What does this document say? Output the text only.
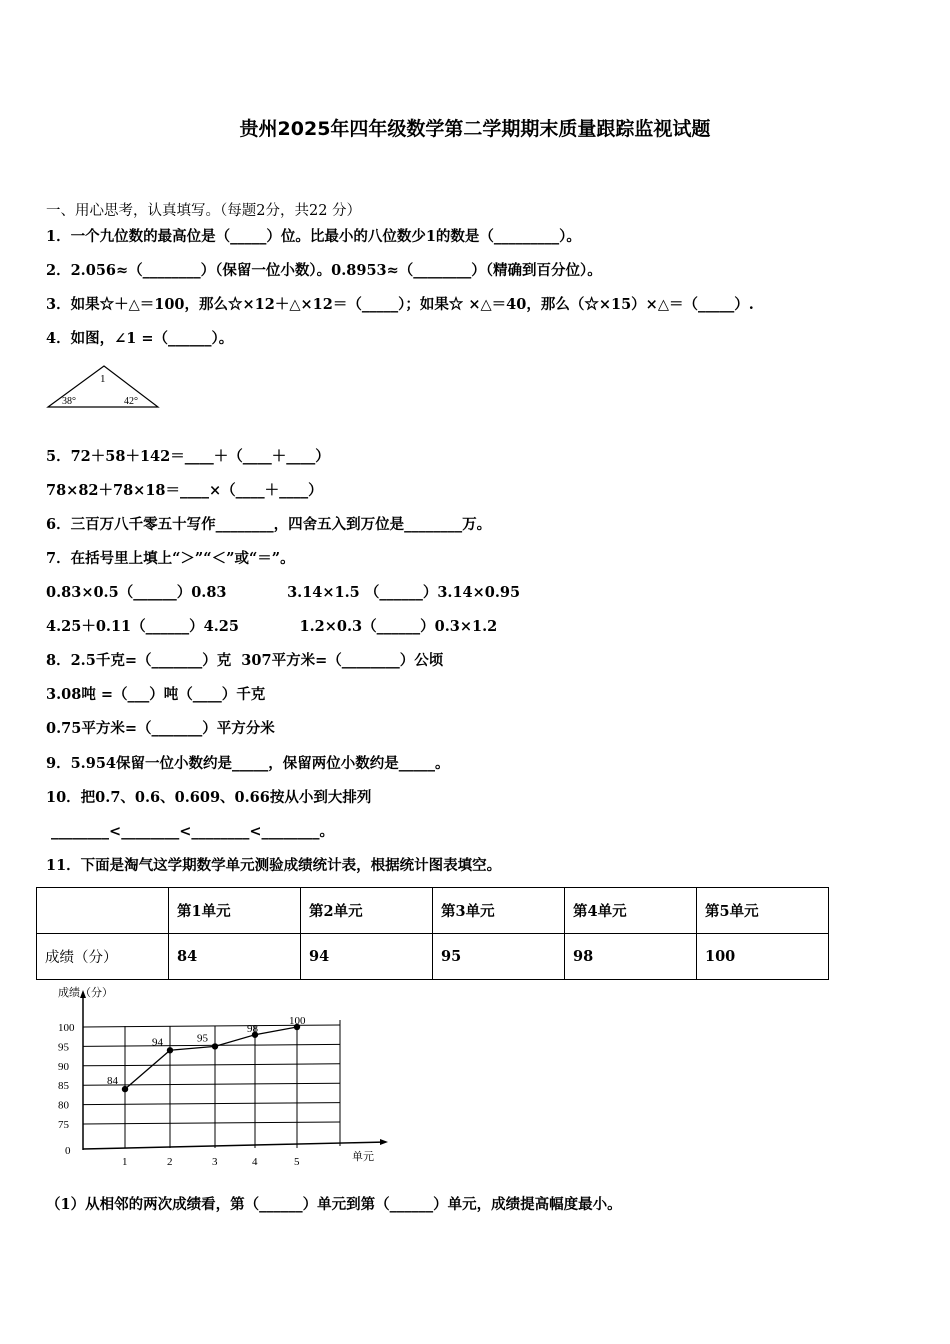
贵州2025年四年级数学第二学期期末质量跟踪监视试题
一、用心思考，认真填写。（每题2分，共22 分）
1．一个九位数的最高位是（_____）位。比最小的八位数少1的数是（_________）。
2．2.056≈（________）（保留一位小数）。0.8953≈（________）（精确到百分位）。
3．如果☆＋△＝100，那么☆×12＋△×12＝（_____）；如果☆ ×△＝40，那么（☆×15）×△＝（_____）.
4．如图，∠1 =（______）。
5．72＋58＋142＝____＋（____＋____）
78×82＋78×18＝____×（____＋____）
6．三百万八千零五十写作________，四舍五入到万位是________万。
7．在括号里上填上“＞”“＜”或“＝”。
0.83×0.5（______）0.83            3.14×1.5 （______）3.14×0.95
4.25＋0.11（______）4.25            1.2×0.3（______）0.3×1.2
8．2.5千克=（_______）克  307平方米=（________）公顷
3.08吨 =（___）吨（____）千克
0.75平方米=（_______）平方分米
9．5.954保留一位小数约是_____，保留两位小数约是_____。
10．把0.7、0.6、0.609、0.66按从小到大排列
________<________<________<________。
11．下面是淘气这学期数学单元测验成绩统计表，根据统计图表填空。
1
38°	42°
	第1单元	第2单元	第3单元	第4单元	第5单元
成绩（分）	84	94	95	98	100
100
95
90
85
80
75
0
1	2	3	4	5
84
94	95
98
100
成绩（分）
单元
（1）从相邻的两次成绩看，第（______）单元到第（______）单元，成绩提高幅度最小。
